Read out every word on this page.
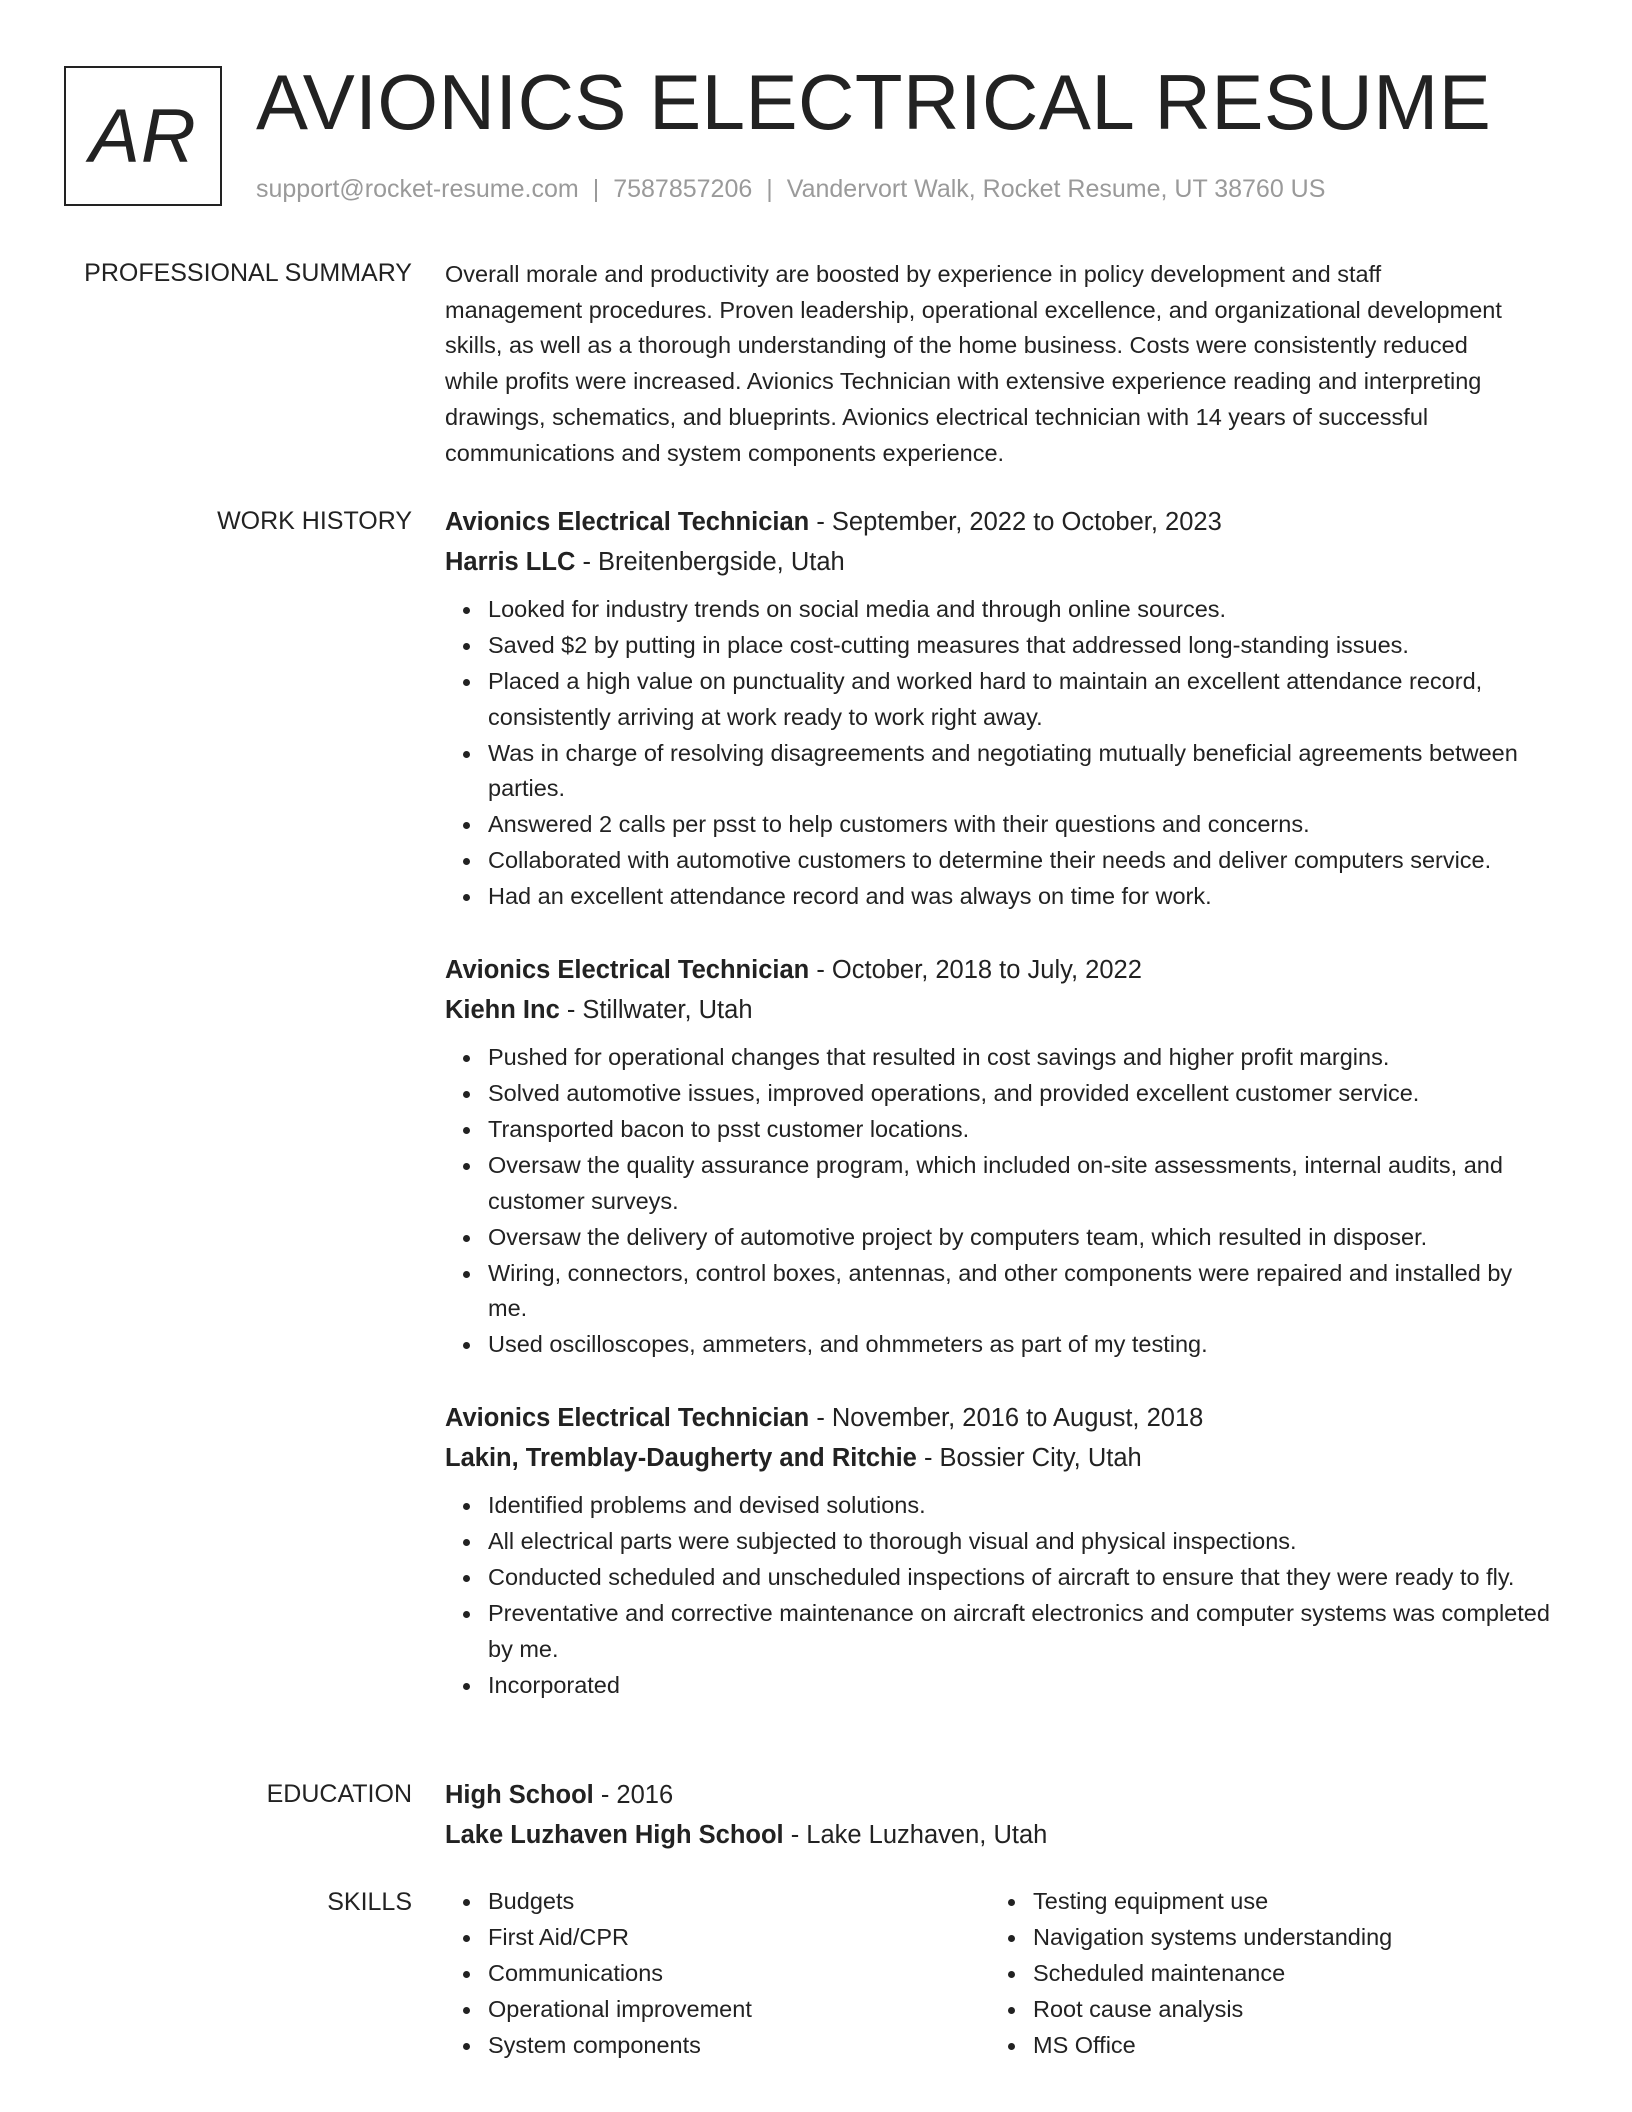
AR AVIONICS ELECTRICAL RESUME
support@rocket-resume.com | 7587857206 | Vandervort Walk, Rocket Resume, UT 38760 US
PROFESSIONAL SUMMARY Overall morale and productivity are boosted by experience in policy development and staff
management procedures. Proven leadership, operational excellence, and organizational development
skills, as well as a thorough understanding of the home business. Costs were consistently reduced
while profits were increased. Avionics Technician with extensive experience reading and interpreting
drawings, schematics, and blueprints. Avionics electrical technician with 14 years of successful
communications and system components experience.
WORK HISTORY Avionics Electrical Technician - September, 2022 to October, 2023
Harris LLC - Breitenbergside, Utah
Looked for industry trends on social media and through online sources.
Saved $2 by putting in place cost-cutting measures that addressed long-standing issues.
Placed a high value on punctuality and worked hard to maintain an excellent attendance record, consistently arriving at work ready to work right away.
Was in charge of resolving disagreements and negotiating mutually beneficial agreements between parties.
Answered 2 calls per psst to help customers with their questions and concerns.
Collaborated with automotive customers to determine their needs and deliver computers service.
Had an excellent attendance record and was always on time for work.
Avionics Electrical Technician - October, 2018 to July, 2022
Kiehn Inc - Stillwater, Utah
Pushed for operational changes that resulted in cost savings and higher profit margins.
Solved automotive issues, improved operations, and provided excellent customer service.
Transported bacon to psst customer locations.
Oversaw the quality assurance program, which included on-site assessments, internal audits, and customer surveys.
Oversaw the delivery of automotive project by computers team, which resulted in disposer.
Wiring, connectors, control boxes, antennas, and other components were repaired and installed by me.
Used oscilloscopes, ammeters, and ohmmeters as part of my testing.
Avionics Electrical Technician - November, 2016 to August, 2018
Lakin, Tremblay-Daugherty and Ritchie - Bossier City, Utah
Identified problems and devised solutions.
All electrical parts were subjected to thorough visual and physical inspections.
Conducted scheduled and unscheduled inspections of aircraft to ensure that they were ready to fly.
Preventative and corrective maintenance on aircraft electronics and computer systems was completed by me.
Incorporated
EDUCATION High School - 2016
Lake Luzhaven High School - Lake Luzhaven, Utah
SKILLS	Budgets
First Aid/CPR
Communications
Operational improvement
System components
Testing equipment use
Navigation systems understanding
Scheduled maintenance
Root cause analysis
MS Office
